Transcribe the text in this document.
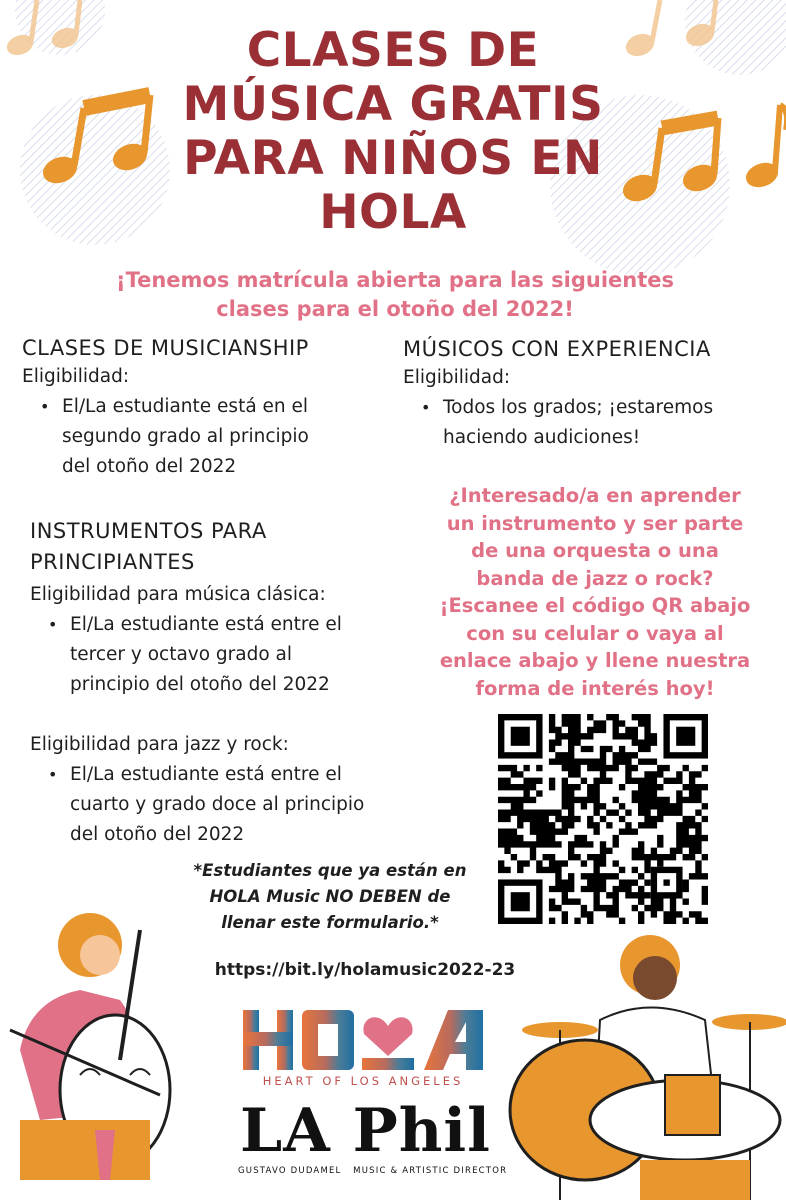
CLASES DE
MÚSICA GRATIS
PARA NIÑOS EN
HOLA
¡Tenemos matrícula abierta para las siguientes
clases para el otoño del 2022!
CLASES DE MUSICIANSHIP
Eligibilidad:
• El/La estudiante está en el
segundo grado al principio
del otoño del 2022
INSTRUMENTOS PARA
PRINCIPIANTES
Eligibilidad para música clásica:
• El/La estudiante está entre el
tercer y octavo grado al
principio del otoño del 2022
Eligibilidad para jazz y rock:
• El/La estudiante está entre el
cuarto y grado doce al principio
del otoño del 2022
MÚSICOS CON EXPERIENCIA
Eligibilidad:
• Todos los grados; ¡estaremos
haciendo audiciones!
¿Interesado/a en aprender
un instrumento y ser parte
de una orquesta o una
banda de jazz o rock?
¡Escanee el código QR abajo
con su celular o vaya al
enlace abajo y llene nuestra
forma de interés hoy!
*Estudiantes que ya están en
HOLA Music NO DEBEN de
llenar este formulario.*
https://bit.ly/holamusic2022-23
HEART OF LOS ANGELES
LA Phil
GUSTAVO DUDAMEL   MUSIC & ARTISTIC DIRECTOR
